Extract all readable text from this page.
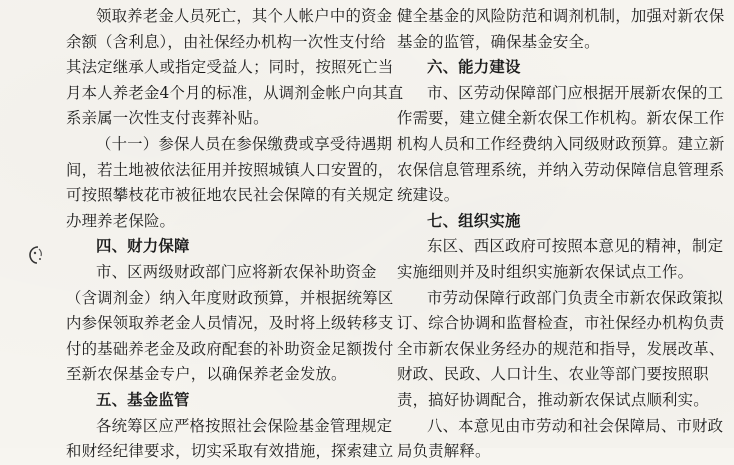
领取养老金人员死亡，其个人帐户中的资金
余额（含利息），由社保经办机构一次性支付给
其法定继承人或指定受益人；同时，按照死亡当
月本人养老金4个月的标准，从调剂金帐户向其直
系亲属一次性支付丧葬补贴。
（十一）参保人员在参保缴费或享受待遇期
间，若土地被依法征用并按照城镇人口安置的，
可按照攀枝花市被征地农民社会保障的有关规定
办理养老保险。
四、财力保障
市、区两级财政部门应将新农保补助资金
（含调剂金）纳入年度财政预算，并根据统筹区
内参保领取养老金人员情况，及时将上级转移支
付的基础养老金及政府配套的补助资金足额拨付
至新农保基金专户，以确保养老金发放。
五、基金监管
各统筹区应严格按照社会保险基金管理规定
和财经纪律要求，切实采取有效措施，探索建立
健全基金的风险防范和调剂机制，加强对新农保
基金的监管，确保基金安全。
六、能力建设
市、区劳动保障部门应根据开展新农保的工
作需要，建立健全新农保工作机构。新农保工作
机构人员和工作经费纳入同级财政预算。建立新
农保信息管理系统，并纳入劳动保障信息管理系
统建设。
七、组织实施
东区、西区政府可按照本意见的精神，制定
实施细则并及时组织实施新农保试点工作。
市劳动保障行政部门负责全市新农保政策拟
订、综合协调和监督检查，市社保经办机构负责
全市新农保业务经办的规范和指导，发展改革、
财政、民政、人口计生、农业等部门要按照职
责，搞好协调配合，推动新农保试点顺利实。
八、本意见由市劳动和社会保障局、市财政
局负责解释。
